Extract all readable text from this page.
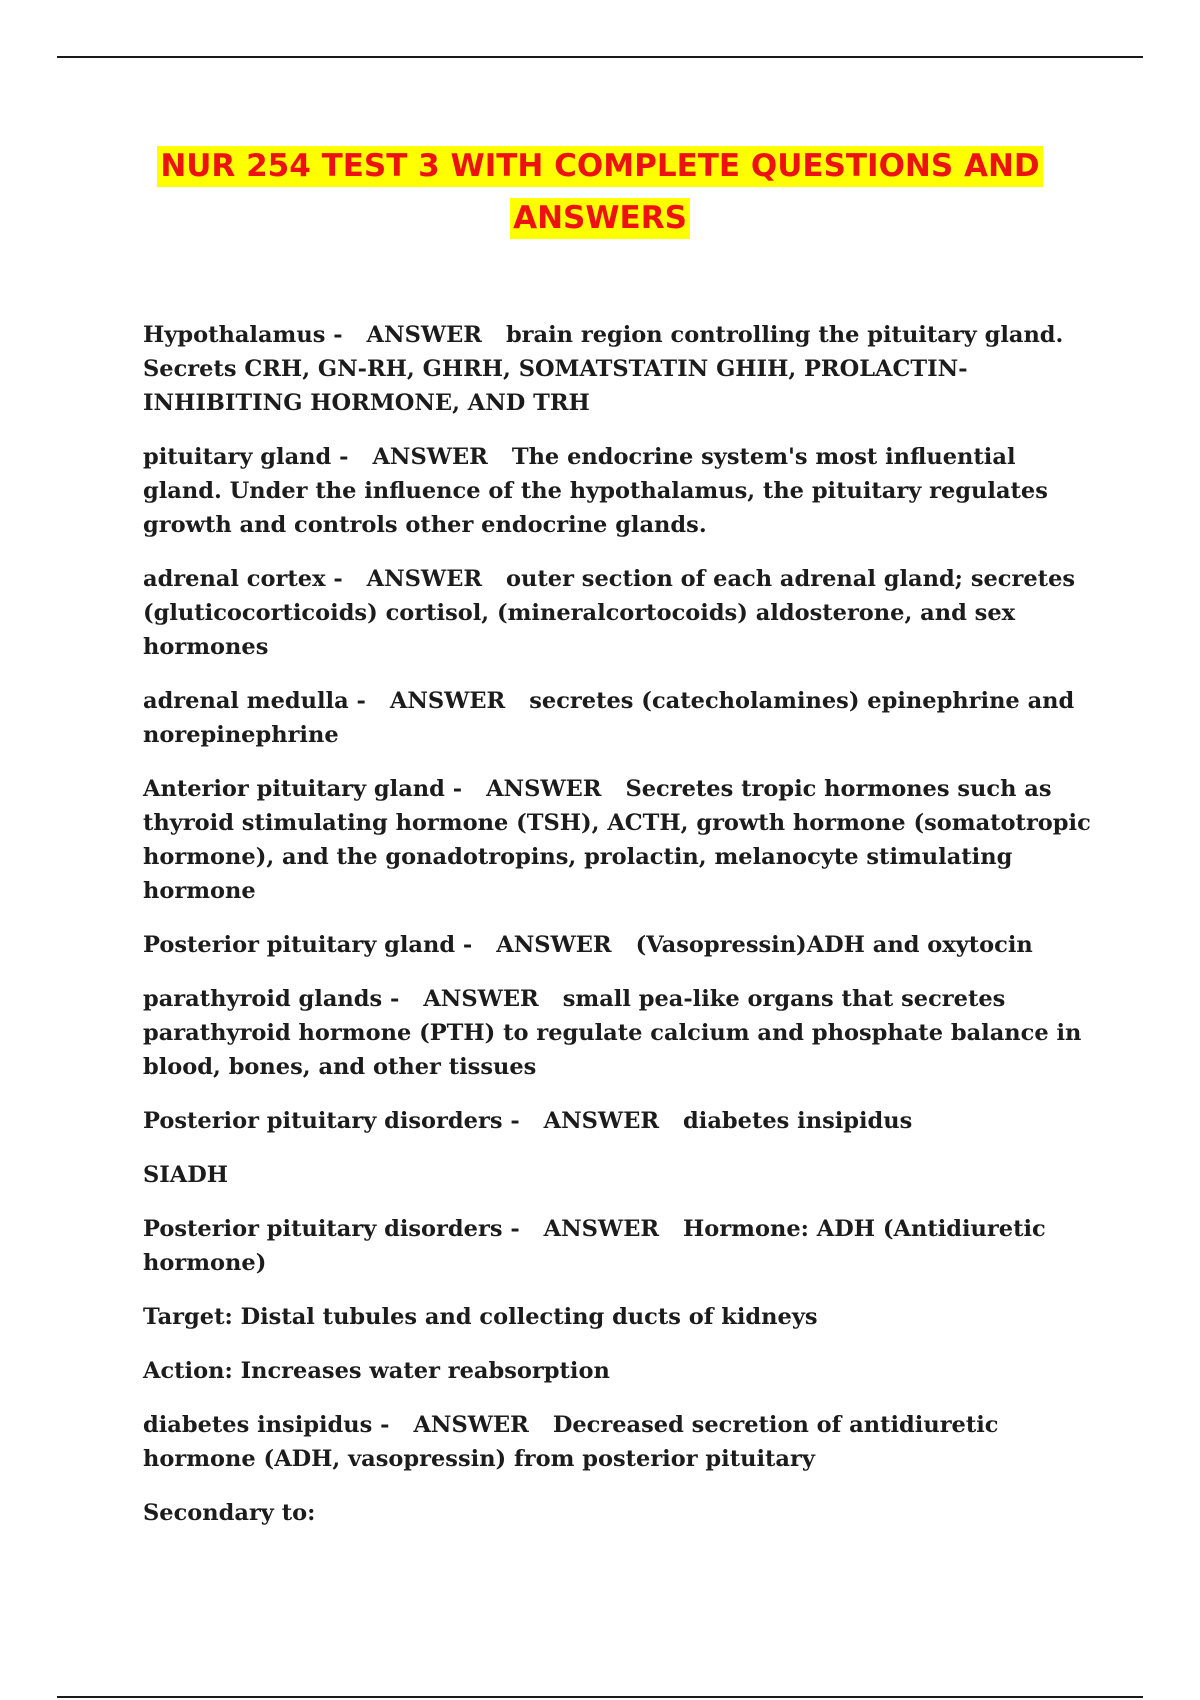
NUR 254 TEST 3 WITH COMPLETE QUESTIONS AND
ANSWERS

Hypothalamus - ANSWER brain region controlling the pituitary gland. Secrets CRH, GN-RH, GHRH, SOMATSTATIN GHIH, PROLACTIN-INHIBITING HORMONE, AND TRH

pituitary gland - ANSWER The endocrine system's most influential gland. Under the influence of the hypothalamus, the pituitary regulates growth and controls other endocrine glands.

adrenal cortex - ANSWER outer section of each adrenal gland; secretes (gluticocorticoids) cortisol, (mineralcortocoids) aldosterone, and sex hormones

adrenal medulla - ANSWER secretes (catecholamines) epinephrine and norepinephrine

Anterior pituitary gland - ANSWER Secretes tropic hormones such as thyroid stimulating hormone (TSH), ACTH, growth hormone (somatotropic hormone), and the gonadotropins, prolactin, melanocyte stimulating hormone

Posterior pituitary gland - ANSWER (Vasopressin)ADH and oxytocin

parathyroid glands - ANSWER small pea-like organs that secretes parathyroid hormone (PTH) to regulate calcium and phosphate balance in blood, bones, and other tissues

Posterior pituitary disorders - ANSWER diabetes insipidus

SIADH

Posterior pituitary disorders - ANSWER Hormone: ADH (Antidiuretic hormone)

Target: Distal tubules and collecting ducts of kidneys

Action: Increases water reabsorption

diabetes insipidus - ANSWER Decreased secretion of antidiuretic hormone (ADH, vasopressin) from posterior pituitary

Secondary to:
